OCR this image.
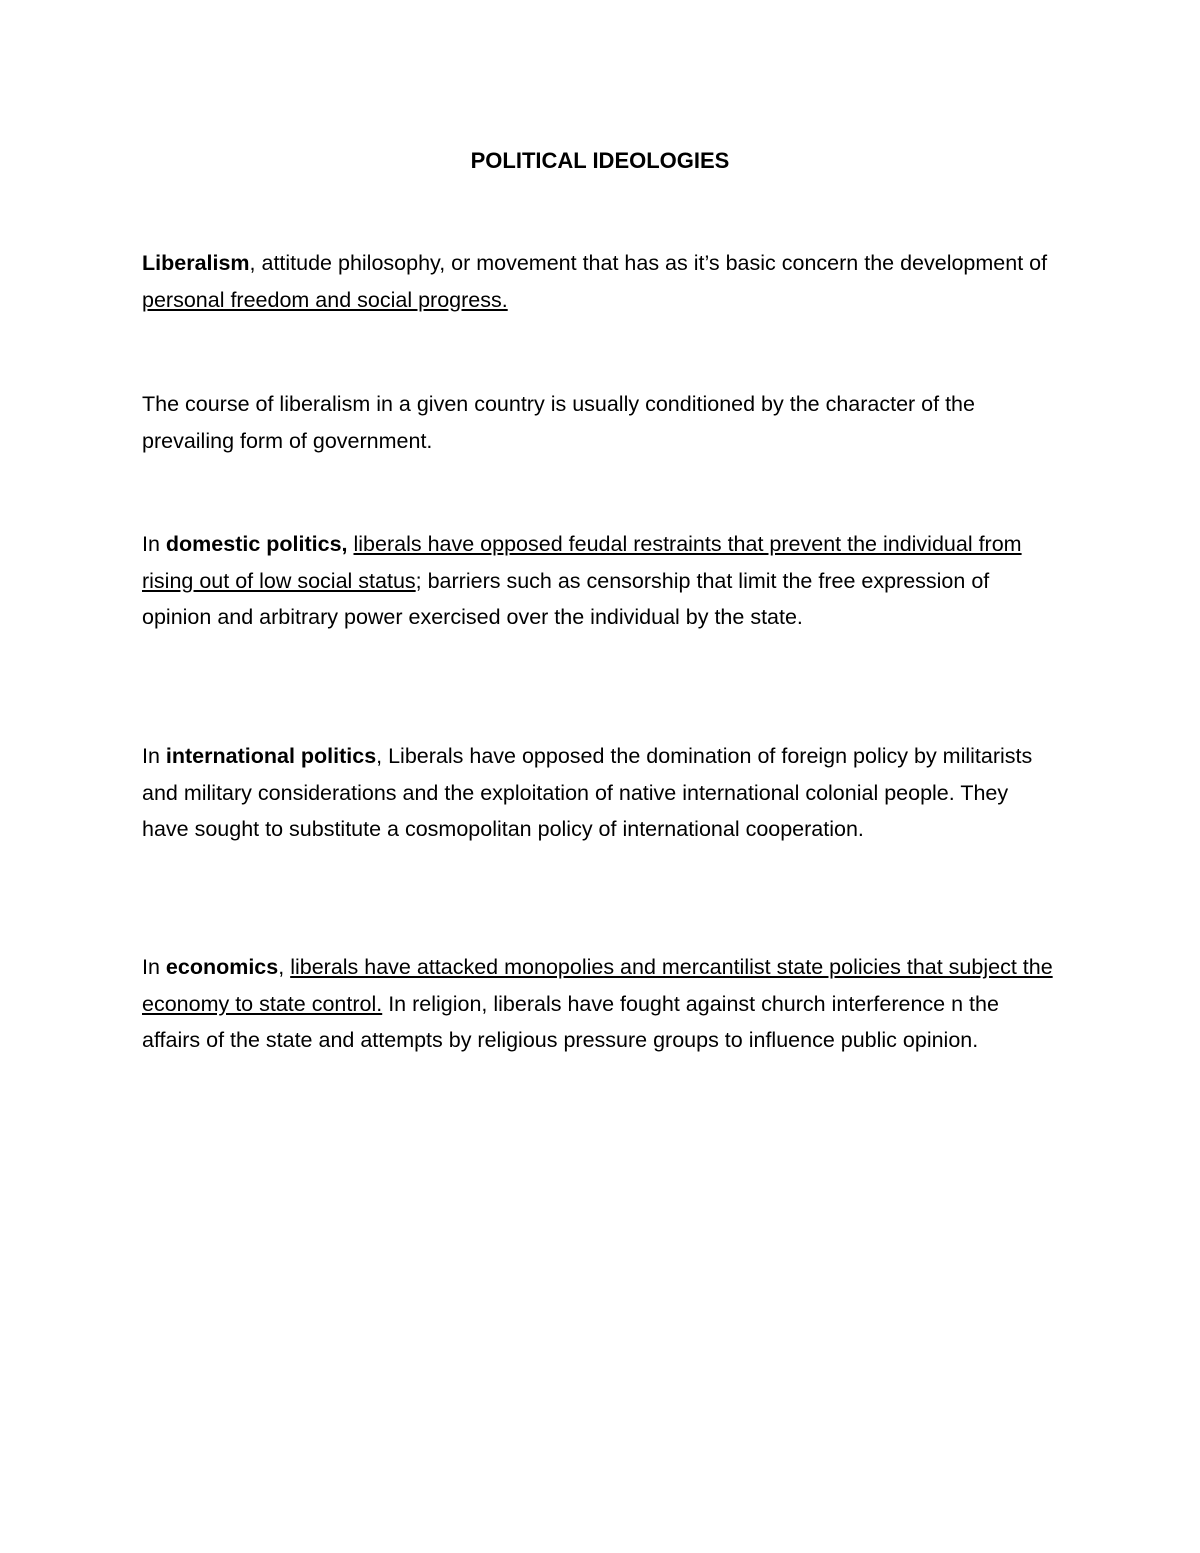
POLITICAL IDEOLOGIES

Liberalism, attitude philosophy, or movement that has as it’s basic concern the development of personal freedom and social progress.

The course of liberalism in a given country is usually conditioned by the character of the prevailing form of government.

In domestic politics, liberals have opposed feudal restraints that prevent the individual from rising out of low social status; barriers such as censorship that limit the free expression of opinion and arbitrary power exercised over the individual by the state.

In international politics, Liberals have opposed the domination of foreign policy by militarists and military considerations and the exploitation of native international colonial people. They have sought to substitute a cosmopolitan policy of international cooperation.

In economics, liberals have attacked monopolies and mercantilist state policies that subject the economy to state control. In religion, liberals have fought against church interference n the affairs of the state and attempts by religious pressure groups to influence public opinion.
